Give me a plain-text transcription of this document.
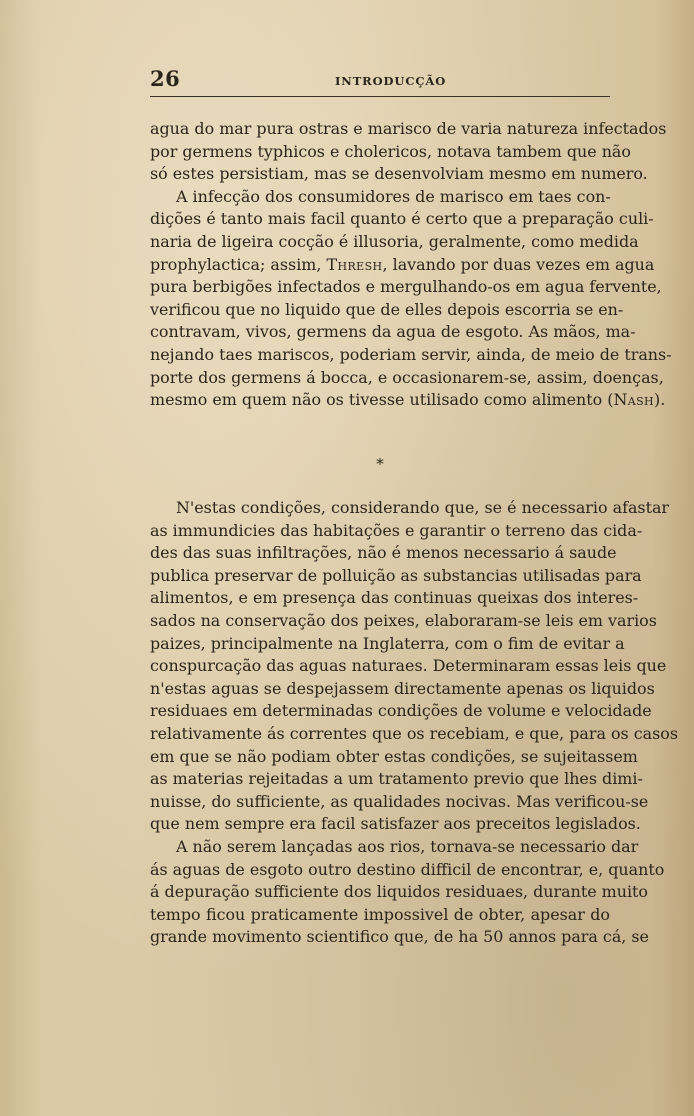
26	INTRODUCÇÃO
agua do mar pura ostras e marisco de varia natureza infectados
por germens typhicos e cholericos, notava tambem que não
só estes persistiam, mas se desenvolviam mesmo em numero.
A infecção dos consumidores de marisco em taes con-
dições é tanto mais facil quanto é certo que a preparação culi-
naria de ligeira cocção é illusoria, geralmente, como medida
prophylactica; assim, Thresh, lavando por duas vezes em agua
pura berbigões infectados e mergulhando-os em agua fervente,
verificou que no liquido que de elles depois escorria se en-
contravam, vivos, germens da agua de esgoto. As mãos, ma-
nejando taes mariscos, poderiam servir, ainda, de meio de trans-
porte dos germens á bocca, e occasionarem-se, assim, doenças,
mesmo em quem não os tivesse utilisado como alimento (Nash).
*
N'estas condições, considerando que, se é necessario afastar
as immundicies das habitações e garantir o terreno das cida-
des das suas infiltrações, não é menos necessario á saude
publica preservar de polluição as substancias utilisadas para
alimentos, e em presença das continuas queixas dos interes-
sados na conservação dos peixes, elaboraram-se leis em varios
paizes, principalmente na Inglaterra, com o fim de evitar a
conspurcação das aguas naturaes. Determinaram essas leis que
n'estas aguas se despejassem directamente apenas os liquidos
residuaes em determinadas condições de volume e velocidade
relativamente ás correntes que os recebiam, e que, para os casos
em que se não podiam obter estas condições, se sujeitassem
as materias rejeitadas a um tratamento previo que lhes dimi-
nuisse, do sufficiente, as qualidades nocivas. Mas verificou-se
que nem sempre era facil satisfazer aos preceitos legislados.
A não serem lançadas aos rios, tornava-se necessario dar
ás aguas de esgoto outro destino difficil de encontrar, e, quanto
á depuração sufficiente dos liquidos residuaes, durante muito
tempo ficou praticamente impossivel de obter, apesar do
grande movimento scientifico que, de ha 50 annos para cá, se
